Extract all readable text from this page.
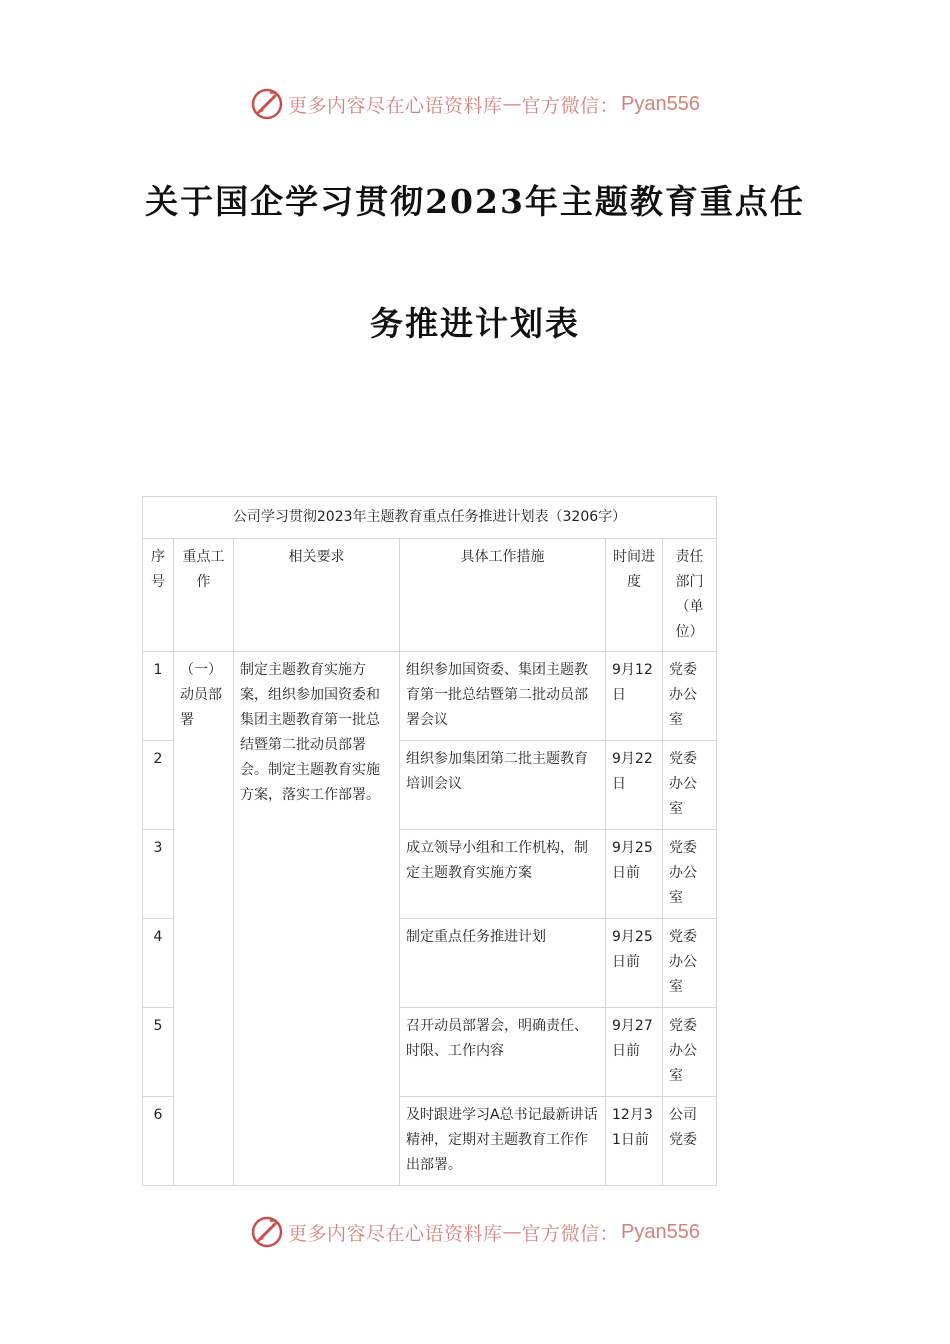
更多内容尽在心语资料库 — 官方微信： Pyan556
关于国企学习贯彻2023年主题教育重点任
务推进计划表
公司学习贯彻2023年主题教育重点任务推进计划表（3206字）					
序号	重点工作	相关要求	具体工作措施	时间进度	责任部门（单位）
1	（一）动员部署	制定主题教育实施方案，组织参加国资委和集团主题教育第一批总结暨第二批动员部署会。制定主题教育实施方案，落实工作部署。	组织参加国资委、集团主题教育第一批总结暨第二批动员部署会议	9月12日	党委办公室
2			组织参加集团第二批主题教育培训会议	9月22日	党委办公室
3			成立领导小组和工作机构，制定主题教育实施方案	9月25日前	党委办公室
4			制定重点任务推进计划	9月25日前	党委办公室
5			召开动员部署会，明确责任、时限、工作内容	9月27日前	党委办公室
6			及时跟进学习A总书记最新讲话精神，定期对主题教育工作作出部署。	12月31日前	公司党委
更多内容尽在心语资料库 — 官方微信： Pyan556
